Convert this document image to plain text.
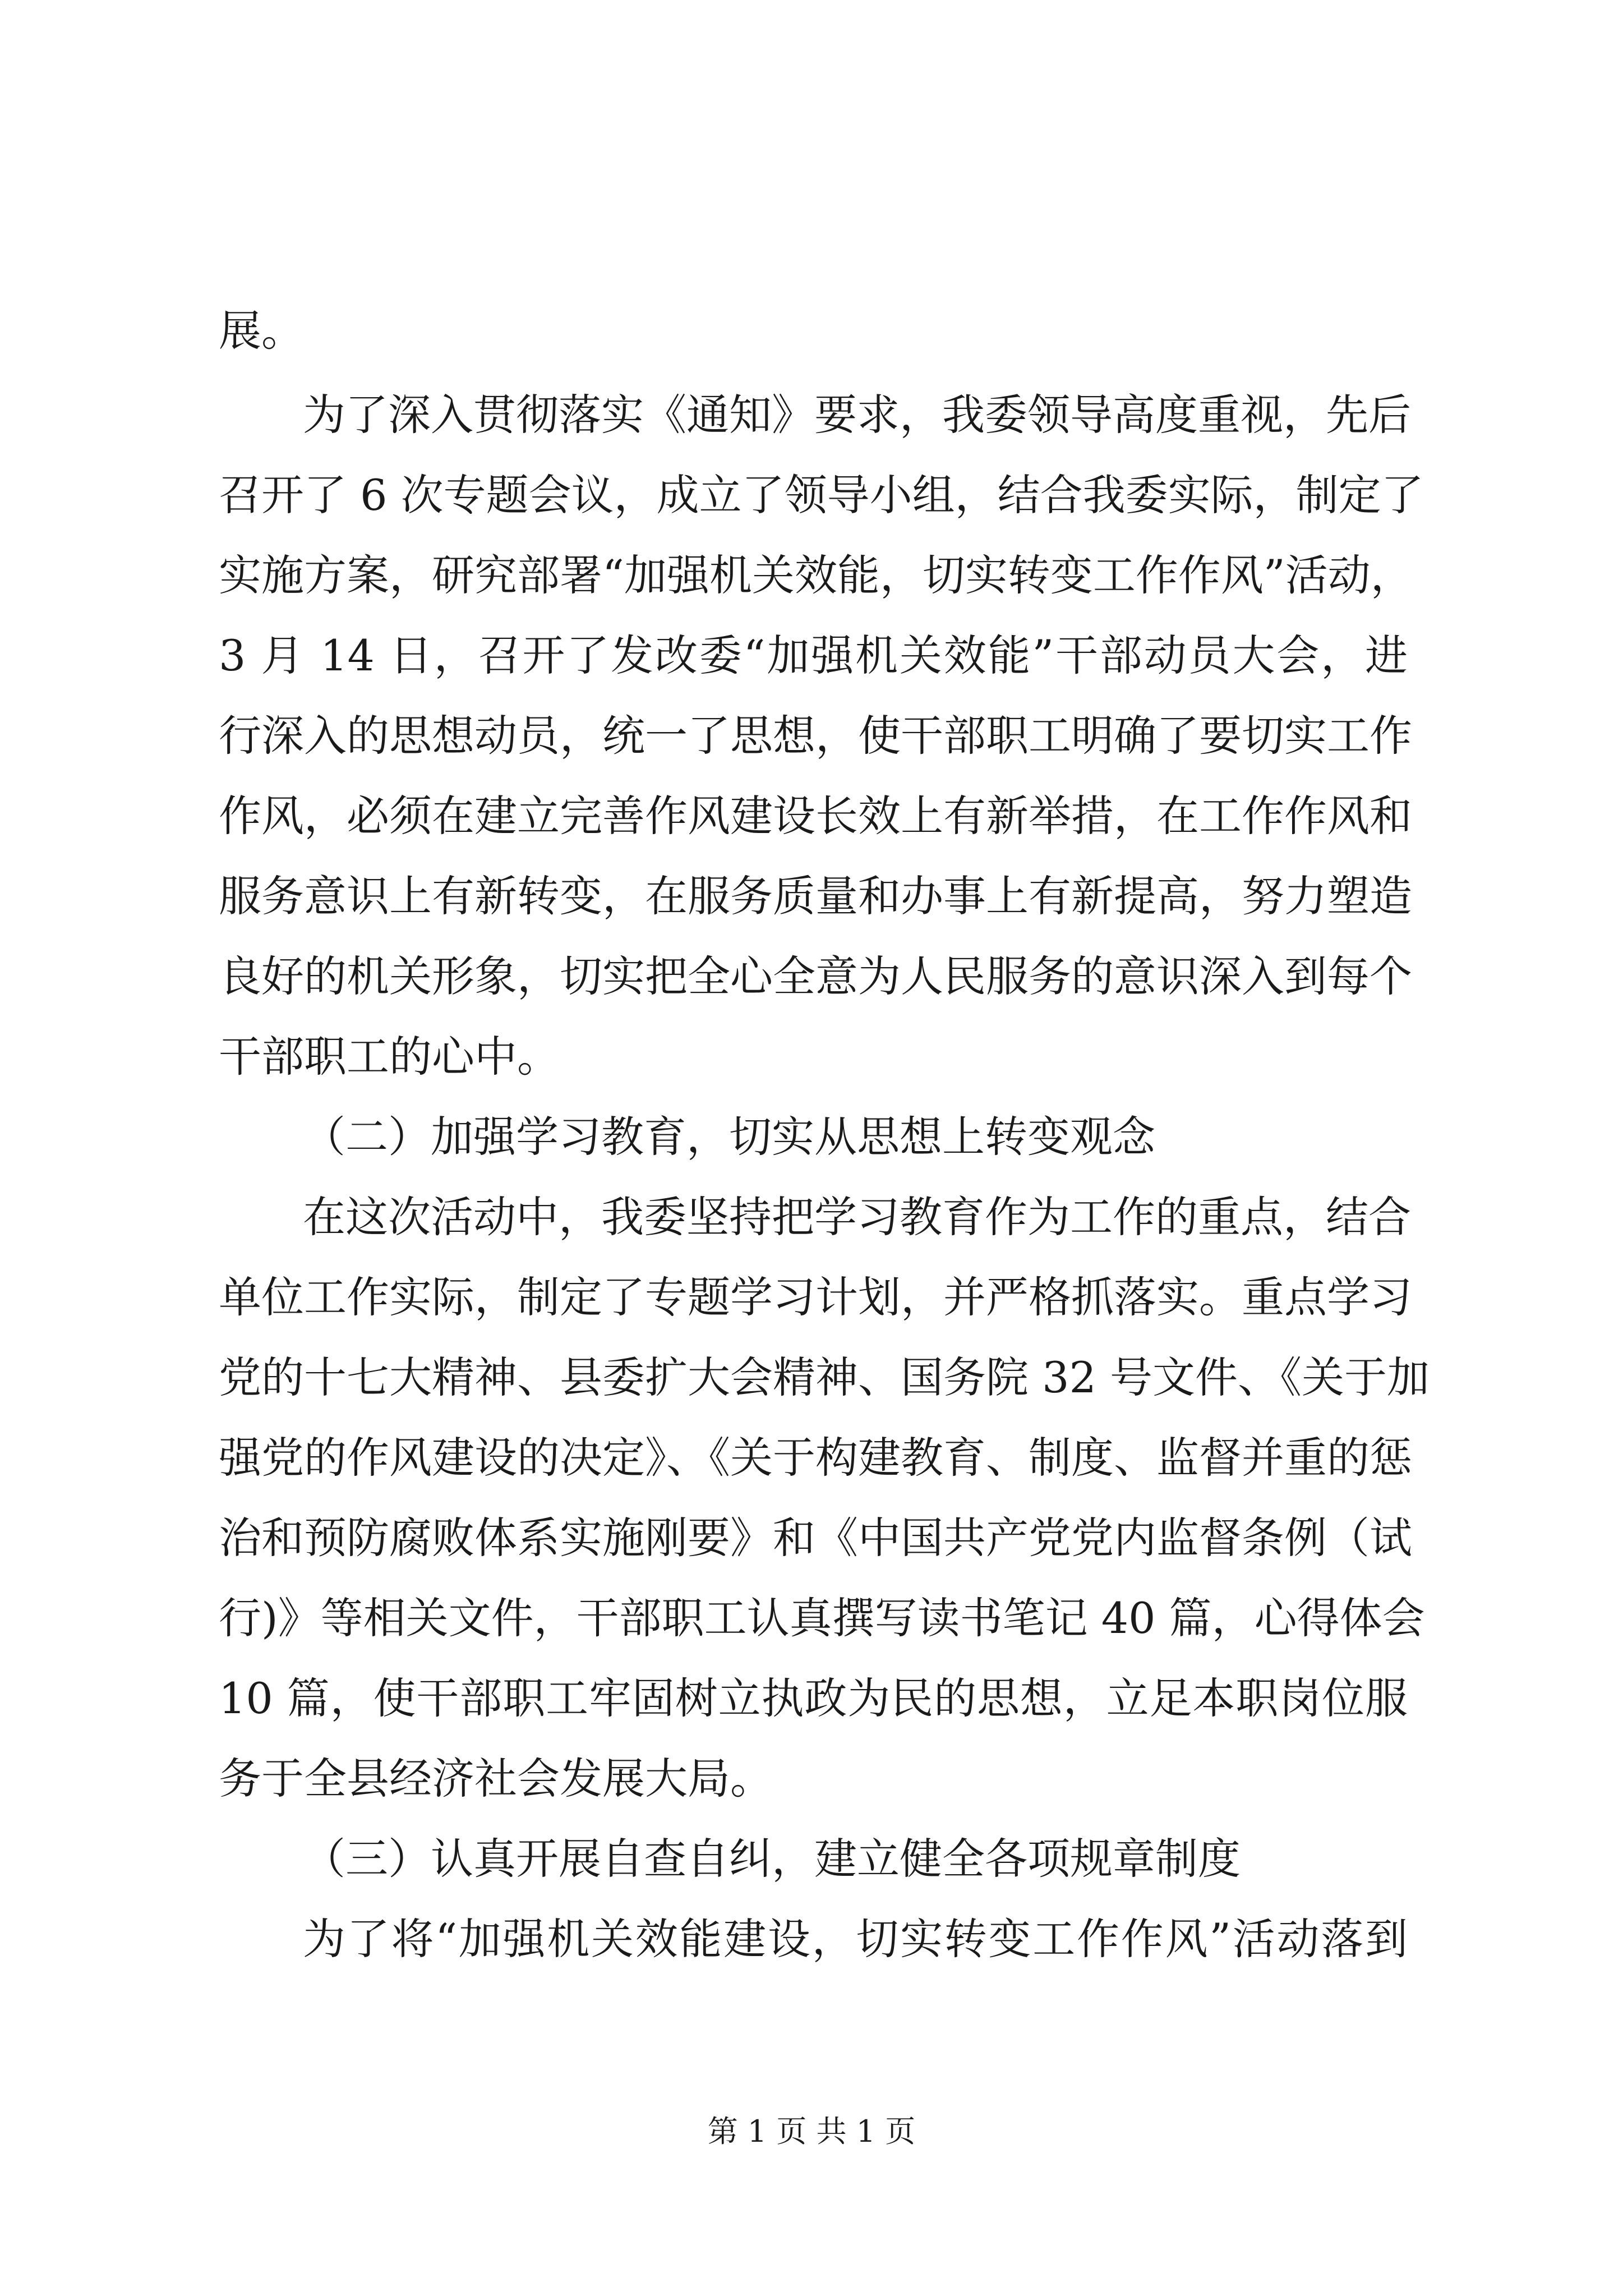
展。
为了深入贯彻落实《通知》要求，我委领导高度重视，先后
召开了 6 次专题会议，成立了领导小组，结合我委实际，制定了
实施方案，研究部署“加强机关效能，切实转变工作作风”活动，
3 月 14 日，召开了发改委“加强机关效能”干部动员大会，进
行深入的思想动员，统一了思想，使干部职工明确了要切实工作
作风，必须在建立完善作风建设长效上有新举措，在工作作风和
服务意识上有新转变，在服务质量和办事上有新提高，努力塑造
良好的机关形象，切实把全心全意为人民服务的意识深入到每个
干部职工的心中。
（二）加强学习教育，切实从思想上转变观念
在这次活动中，我委坚持把学习教育作为工作的重点，结合
单位工作实际，制定了专题学习计划，并严格抓落实。重点学习
党的十七大精神、县委扩大会精神、国务院 32 号文件、《关于加
强党的作风建设的决定》、《关于构建教育、制度、监督并重的惩
治和预防腐败体系实施刚要》和《中国共产党党内监督条例（试
行)》等相关文件，干部职工认真撰写读书笔记 40 篇，心得体会
10 篇，使干部职工牢固树立执政为民的思想，立足本职岗位服
务于全县经济社会发展大局。
（三）认真开展自查自纠，建立健全各项规章制度
为了将“加强机关效能建设，切实转变工作作风”活动落到
第 1 页 共 1 页
